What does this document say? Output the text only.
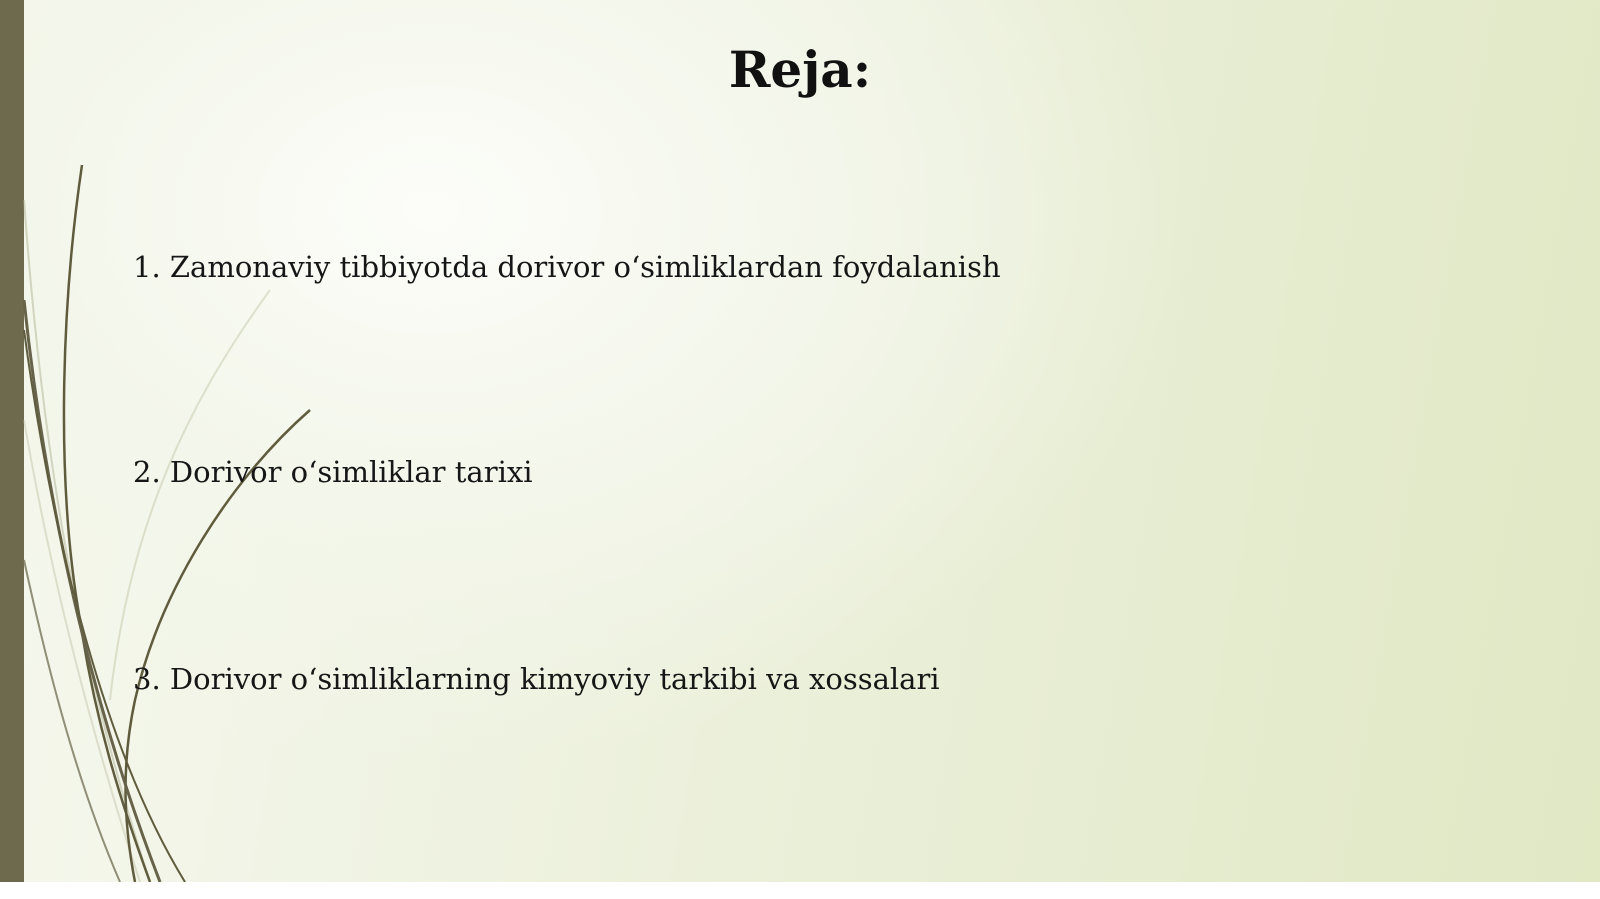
Reja:
1. Zamonaviy tibbiyotda dorivor o‘simliklardan foydalanish
2. Dorivor o‘simliklar tarixi
3. Dorivor o‘simliklarning kimyoviy tarkibi va xossalari
